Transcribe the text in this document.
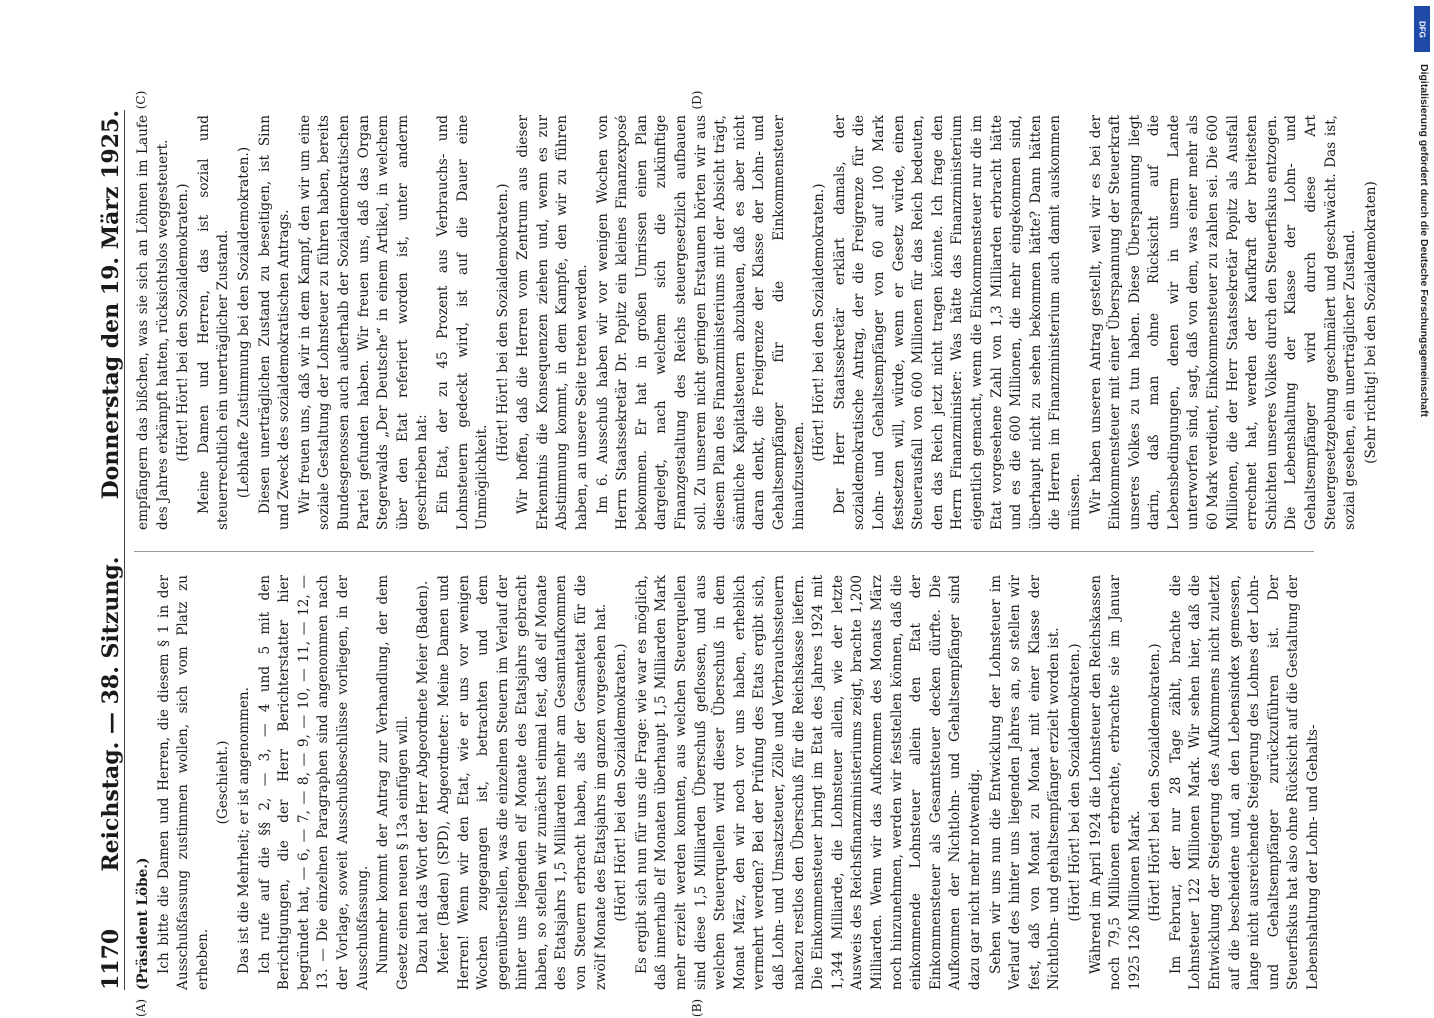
1170
Reichstag. — 38. Sitzung.
Donnerstag den 19. März 1925.

(Präsident Löbe.) Ich bitte die Damen und Herren, die diesem § 1 in der Ausschußfassung zustimmen wollen, sich vom Platz zu erheben.

(Geschieht.) Das ist die Mehrheit; er ist angenommen. Ich rufe auf die §§ 2, — 3, — 4 und 5 mit den Berichtigungen, die der Herr Berichterstatter hier begründet hat, — 6, — 7, — 8, — 9, — 10, — 11, — 12, — 13. — Die einzelnen Paragraphen sind angenommen nach der Vorlage, soweit Ausschußbeschlüsse vorliegen, in der Ausschußfassung. Nunmehr kommt der Antrag zur Verhandlung, der dem Gesetz einen neuen § 13a einfügen will. Dazu hat das Wort der Herr Abgeordnete Meier (Baden). Meier (Baden) (SPD), Abgeordneter: Meine Damen und Herren! Wenn wir den Etat, wie er uns vor wenigen Wochen zugegangen ist, betrachten und dem gegenüberstellen, was die einzelnen Steuern im Verlauf der hinter uns liegenden elf Monate des Etatsjahrs gebracht haben, so stellen wir zunächst einmal fest, daß elf Monate des Etatsjahrs 1,5 Milliarden mehr am Gesamtaufkommen von Steuern erbracht haben, als der Gesamtetat für die zwölf Monate des Etatsjahrs im ganzen vorgesehen hat. (Hört! Hört! bei den Sozialdemokraten.) Es ergibt sich nun für uns die Frage: wie war es möglich, daß innerhalb elf Monaten überhaupt 1,5 Milliarden Mark mehr erzielt werden konnten, aus welchen Steuerquellen sind diese 1,5 Milliarden Überschuß geflossen, und aus welchen Steuerquellen wird dieser Überschuß in dem Monat März, den wir noch vor uns haben, erheblich vermehrt werden? Bei der Prüfung des Etats ergibt sich, daß Lohn- und Umsatzsteuer, Zölle und Verbrauchssteuern nahezu restlos den Überschuß für die Reichskasse liefern. Die Einkommensteuer bringt im Etat des Jahres 1924 mit 1,344 Milliarde, die Lohnsteuer allein, wie der letzte Ausweis des Reichsfinanzministeriums zeigt, brachte 1,200 Milliarden. Wenn wir das Aufkommen des Monats März noch hinzunehmen, werden wir feststellen können, daß die einkommende Lohnsteuer allein den Etat der Einkommensteuer als Gesamtsteuer decken dürfte. Die Aufkommen der Nichtlohn- und Gehaltsempfänger sind dazu gar nicht mehr notwendig. Sehen wir uns nun die Entwicklung der Lohnsteuer im Verlauf des hinter uns liegenden Jahres an, so stellen wir fest, daß von Monat zu Monat mit einer Klasse der Nichtlohn- und gehaltsempfänger erzielt worden ist. (Hört! Hört! bei den Sozialdemokraten.) Während im April 1924 die Lohnsteuer den Reichskassen noch 79,5 Millionen erbrachte, erbrachte sie im Januar 1925 126 Millionen Mark. (Hört! Hört! bei den Sozialdemokraten.) Im Februar, der nur 28 Tage zählt, brachte die Lohnsteuer 122 Millionen Mark. Wir sehen hier, daß die Entwicklung der Steigerung des Aufkommens nicht zuletzt auf die bescheidene und, an den Lebensindex gemessen, lange nicht ausreichende Steigerung des Lohnes der Lohn- und Gehaltsempfänger zurückzuführen ist. Der Steuerfiskus hat also ohne Rücksicht auf die Gestaltung der Lebenshaltung der Lohn- und Gehalts-

empfängern das bißchen, was sie sich an Löhnen im Laufe des Jahres erkämpft hatten, rücksichtslos weggesteuert. (Hört! Hört! bei den Sozialdemokraten.) Meine Damen und Herren, das ist sozial und steuerrechtlich ein unerträglicher Zustand. (Lebhafte Zustimmung bei den Sozialdemokraten.) Diesen unerträglichen Zustand zu beseitigen, ist Sinn und Zweck des sozialdemokratischen Antrags. Wir freuen uns, daß wir in dem Kampf, den wir um eine soziale Gestaltung der Lohnsteuer zu führen haben, bereits Bundesgenossen auch außerhalb der Sozialdemokratischen Partei gefunden haben. Wir freuen uns, daß das Organ Stegerwalds „Der Deutsche“ in einem Artikel, in welchem über den Etat referiert worden ist, unter anderm geschrieben hat: Ein Etat, der zu 45 Prozent aus Verbrauchs- und Lohnsteuern gedeckt wird, ist auf die Dauer eine Unmöglichkeit.

(Hört! Hört! bei den Sozialdemokraten.) Wir hoffen, daß die Herren vom Zentrum aus dieser Erkenntnis die Konsequenzen ziehen und, wenn es zur Abstimmung kommt, in dem Kampfe, den wir zu führen haben, an unsere Seite treten werden. Im 6. Ausschuß haben wir vor wenigen Wochen von Herrn Staatssekretär Dr. Popitz ein kleines Finanzexposé bekommen. Er hat in großen Umrissen einen Plan dargelegt, nach welchem sich die zukünftige Finanzgestaltung des Reichs steuergesetzlich aufbauen soll. Zu unserem nicht geringen Erstaunen hörten wir aus diesem Plan des Finanzministeriums mit der Absicht trägt, sämtliche Kapitalsteuern abzubauen, daß es aber nicht daran denkt, die Freigrenze der Klasse der Lohn- und Gehaltsempfänger für die Einkommensteuer hinaufzusetzen.

(Hört! Hört! bei den Sozialdemokraten.) Der Herr Staatssekretär erklärt damals, der sozialdemokratische Antrag, der die Freigrenze für die Lohn- und Gehaltsempfänger von 60 auf 100 Mark festsetzen will, würde, wenn er Gesetz würde, einen Steuerausfall von 600 Millionen für das Reich bedeuten, den das Reich jetzt nicht tragen könnte. Ich frage den Herrn Finanzminister: Was hätte das Finanzministerium eigentlich gemacht, wenn die Einkommensteuer nur die im Etat vorgesehene Zahl von 1,3 Milliarden erbracht hätte und es die 600 Millionen, die mehr eingekommen sind, überhaupt nicht zu sehen bekommen hätte? Dann hätten die Herren im Finanzministerium auch damit auskommen müssen. Wir haben unseren Antrag gestellt, weil wir es bei der Einkommensteuer mit einer Überspannung der Steuerkraft unseres Volkes zu tun haben. Diese Überspannung liegt darin, daß man ohne Rücksicht auf die Lebensbedingungen, denen wir in unserm Lande unterworfen sind, sagt, daß von dem, was einer mehr als 60 Mark verdient, Einkommensteuer zu zahlen sei. Die 600 Millionen, die der Herr Staatssekretär Popitz als Ausfall errechnet hat, werden der Kaufkraft der breitesten Schichten unseres Volkes durch den Steuerfiskus entzogen. Die Lebenshaltung der Klasse der Lohn- und Gehaltsempfänger wird durch diese Art Steuergesetzgebung geschmälert und geschwächt. Das ist, sozial gesehen, ein unerträglicher Zustand. (Sehr richtig! bei den Sozialdemokraten)

(A)	(B)
(C)	(D)	Digitalisierung gefördert durch die Deutsche Forschungsgemeinschaft
DFG
